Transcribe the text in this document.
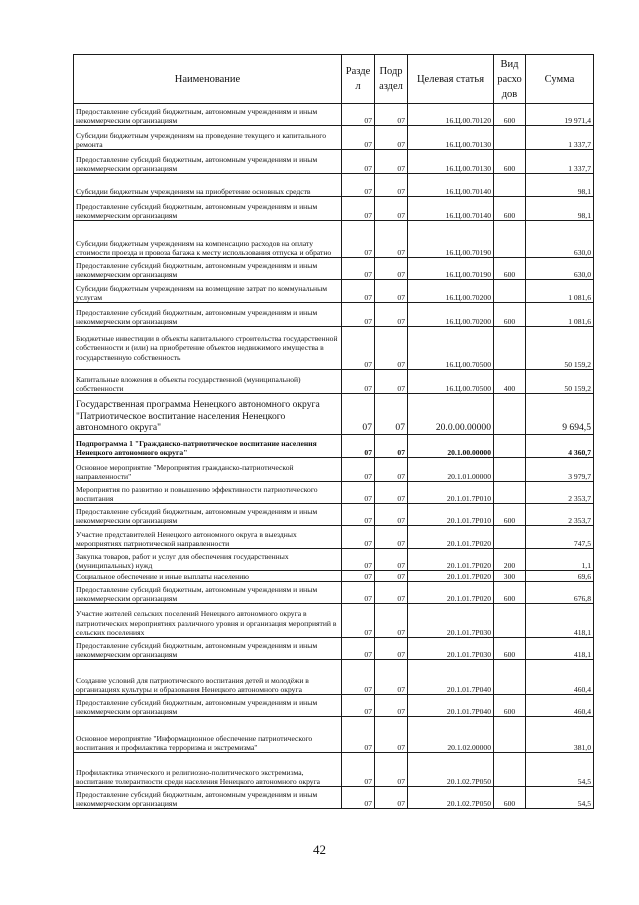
Наименование	Разде л	Подр аздел	Целевая статья	Вид расхо дов	Сумма
Предоставление субсидий бюджетным, автономным учреждениям и иным некоммерческим организациям	07	07	16.Ц.00.70120	600	19 971,4
Субсидии бюджетным учреждениям на проведение текущего и капитального ремонта	07	07	16.Ц.00.70130		1 337,7
Предоставление субсидий бюджетным, автономным учреждениям и иным некоммерческим организациям	07	07	16.Ц.00.70130	600	1 337,7
Субсидии бюджетным учреждениям на приобретение основных средств	07	07	16.Ц.00.70140		98,1
Предоставление субсидий бюджетным, автономным учреждениям и иным некоммерческим организациям	07	07	16.Ц.00.70140	600	98,1
Субсидии бюджетным учреждениям на компенсацию расходов на оплату стоимости проезда и провоза багажа к месту использования отпуска и обратно	07	07	16.Ц.00.70190		630,0
Предоставление субсидий бюджетным, автономным учреждениям и иным некоммерческим организациям	07	07	16.Ц.00.70190	600	630,0
Субсидии бюджетным учреждениям на возмещение затрат по коммунальным услугам	07	07	16.Ц.00.70200		1 081,6
Предоставление субсидий бюджетным, автономным учреждениям и иным некоммерческим организациям	07	07	16.Ц.00.70200	600	1 081,6
Бюджетные инвестиции в объекты капитального строительства государственной собственности и (или) на приобретение объектов недвижимого имущества в государственную собственность	07	07	16.Ц.00.70500		50 159,2
Капитальные вложения в объекты государственной (муниципальной) собственности	07	07	16.Ц.00.70500	400	50 159,2
Государственная программа Ненецкого автономного округа "Патриотическое воспитание населения Ненецкого автономного округа"	07	07	20.0.00.00000		9 694,5
Подпрограмма 1 "Гражданско-патриотическое воспитание населения Ненецкого автономного округа"	07	07	20.1.00.00000		4 360,7
Основное мероприятие "Мероприятия гражданско-патриотической направленности"	07	07	20.1.01.00000		3 979,7
Мероприятия по развитию и повышению эффективности патриотического воспитания	07	07	20.1.01.7Р010		2 353,7
Предоставление субсидий бюджетным, автономным учреждениям и иным некоммерческим организациям	07	07	20.1.01.7Р010	600	2 353,7
Участие представителей Ненецкого автономного округа в выездных мероприятиях патриотической направленности	07	07	20.1.01.7Р020		747,5
Закупка товаров, работ и услуг для обеспечения государственных (муниципальных) нужд	07	07	20.1.01.7Р020	200	1,1
Социальное обеспечение и иные выплаты населению	07	07	20.1.01.7Р020	300	69,6
Предоставление субсидий бюджетным, автономным учреждениям и иным некоммерческим организациям	07	07	20.1.01.7Р020	600	676,8
Участие жителей сельских поселений Ненецкого автономного округа в патриотических мероприятиях различного уровня и организация мероприятий в сельских поселениях	07	07	20.1.01.7Р030		418,1
Предоставление субсидий бюджетным, автономным учреждениям и иным некоммерческим организациям	07	07	20.1.01.7Р030	600	418,1
Создание условий для патриотического воспитания детей и молодёжи в организациях культуры и образования Ненецкого автономного округа	07	07	20.1.01.7Р040		460,4
Предоставление субсидий бюджетным, автономным учреждениям и иным некоммерческим организациям	07	07	20.1.01.7Р040	600	460,4
Основное мероприятие "Информационное обеспечение патриотического воспитания и профилактика терроризма и экстремизма"	07	07	20.1.02.00000		381,0
Профилактика этнического и религиозно-политического экстремизма, воспитание толерантности среди населения Ненецкого автономного округа	07	07	20.1.02.7Р050		54,5
Предоставление субсидий бюджетным, автономным учреждениям и иным некоммерческим организациям	07	07	20.1.02.7Р050	600	54,5
42
